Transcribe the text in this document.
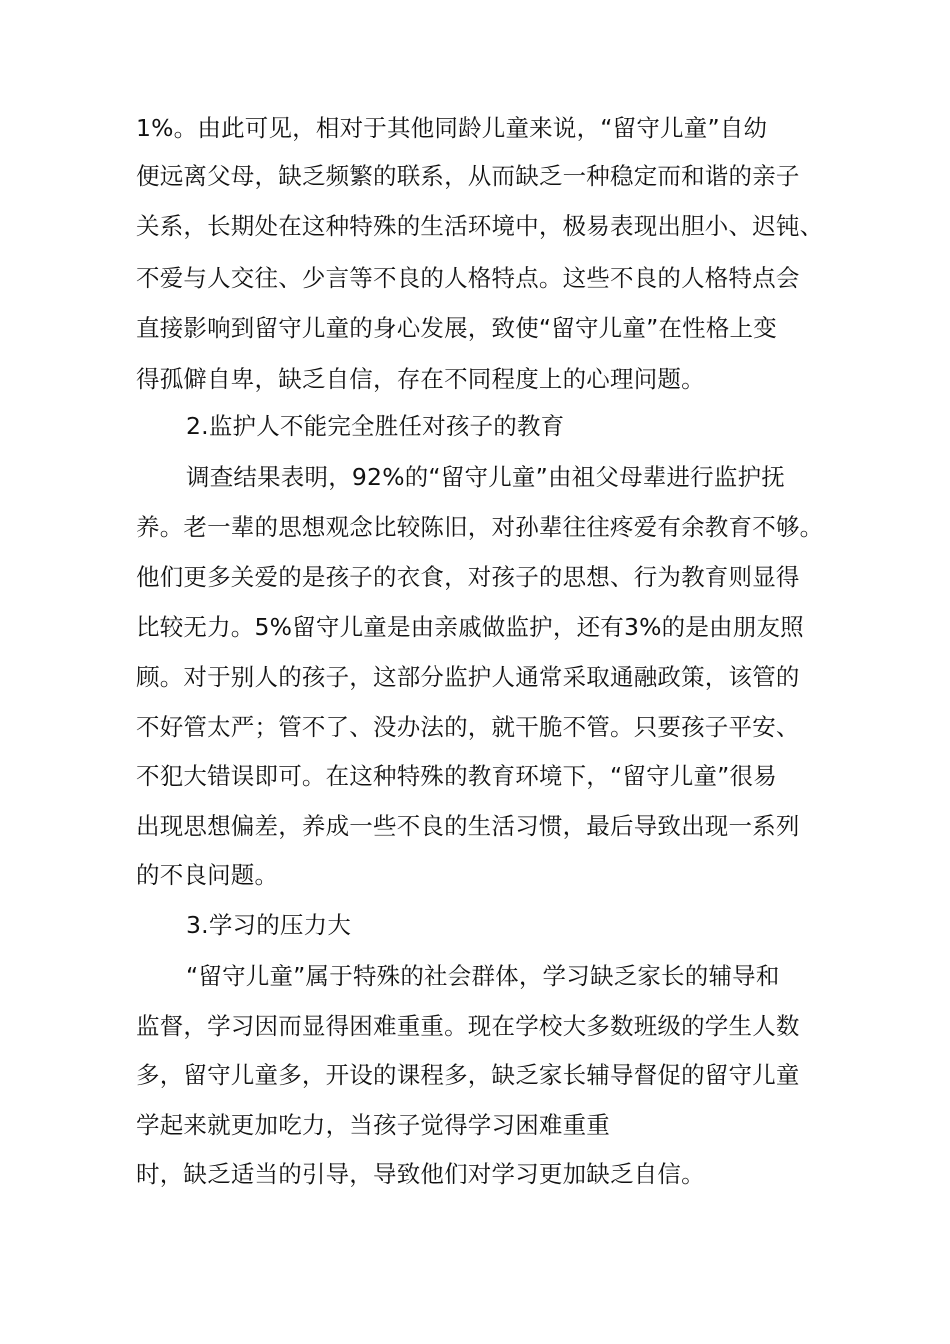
1%。由此可见，相对于其他同龄儿童来说，“留守儿童”自幼
便远离父母，缺乏频繁的联系，从而缺乏一种稳定而和谐的亲子
关系，长期处在这种特殊的生活环境中，极易表现出胆小、迟钝、
不爱与人交往、少言等不良的人格特点。这些不良的人格特点会
直接影响到留守儿童的身心发展，致使“留守儿童”在性格上变
得孤僻自卑，缺乏自信，存在不同程度上的心理问题。
2.监护人不能完全胜任对孩子的教育
调查结果表明，92%的“留守儿童”由祖父母辈进行监护抚
养。老一辈的思想观念比较陈旧，对孙辈往往疼爱有余教育不够。
他们更多关爱的是孩子的衣食，对孩子的思想、行为教育则显得
比较无力。5%留守儿童是由亲戚做监护，还有3%的是由朋友照
顾。对于别人的孩子，这部分监护人通常采取通融政策，该管的
不好管太严；管不了、没办法的，就干脆不管。只要孩子平安、
不犯大错误即可。在这种特殊的教育环境下，“留守儿童”很易
出现思想偏差，养成一些不良的生活习惯，最后导致出现一系列
的不良问题。
3.学习的压力大
“留守儿童”属于特殊的社会群体，学习缺乏家长的辅导和
监督，学习因而显得困难重重。现在学校大多数班级的学生人数
多，留守儿童多，开设的课程多，缺乏家长辅导督促的留守儿童
学起来就更加吃力，当孩子觉得学习困难重重
时，缺乏适当的引导，导致他们对学习更加缺乏自信。
